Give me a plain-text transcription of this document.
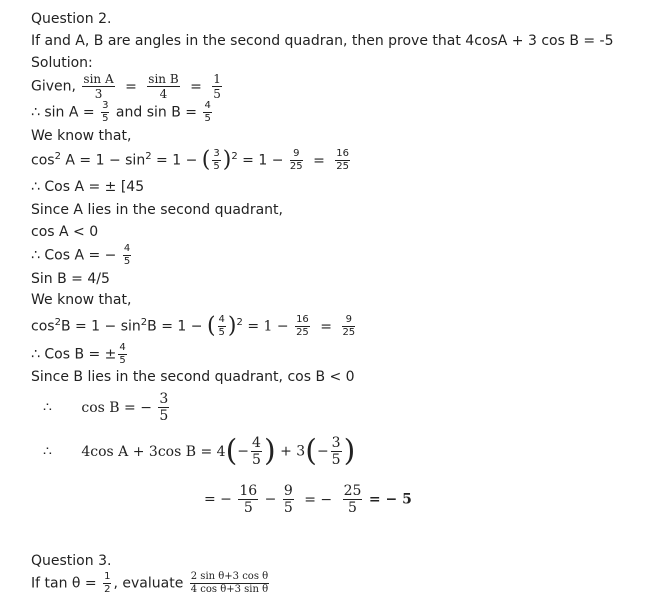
Question 2.
If and A, B are angles in the second quadran, then prove that 4cosA + 3 cos B = -5
Solution:
Given, $\frac{\text{sin A}}{3} = \frac{\text{sin B}}{4} = \frac{1}{5}$
∴ $\sin A = \frac{3}{5}$ and $\sin B = \frac{4}{5}$
We know that,
$\cos^2 A = 1 - \sin^2 = 1$ − ( $\frac{3}{5} )^2 = 1 - \frac{9}{25} = \frac{16}{25}$
∴ Cos A = ± [45
Since A lies in the second quadrant,
cos A < 0
∴ Cos A = − $\frac{4}{5}$
Sin B = 4/5
We know that,
$\cos^2B = 1 - \sin^2B = 1$ − ( $\frac{4}{5} )^2 = 1 - \frac{16}{25} = \frac{9}{25}$
∴ Cos B = ± $\frac{4}{5}$
Since B lies in the second quadrant, cos B < 0
∴ cos B = − $\frac{3}{5}$
∴ 4cos A + 3cos $B = 4(- \frac{4}{5}$ ) + $3(- \frac{3}{5}$ )
= − $\frac{16}{5} - \frac{9}{5}$ = − $\frac{25}{5}$ = − 5
Question 3.
If $\tan \theta = \frac{1}{2}$ , evaluate $\frac{\text{2 sin θ+3 cos θ}}{\text{4 cos θ+3 sin θ}}$
